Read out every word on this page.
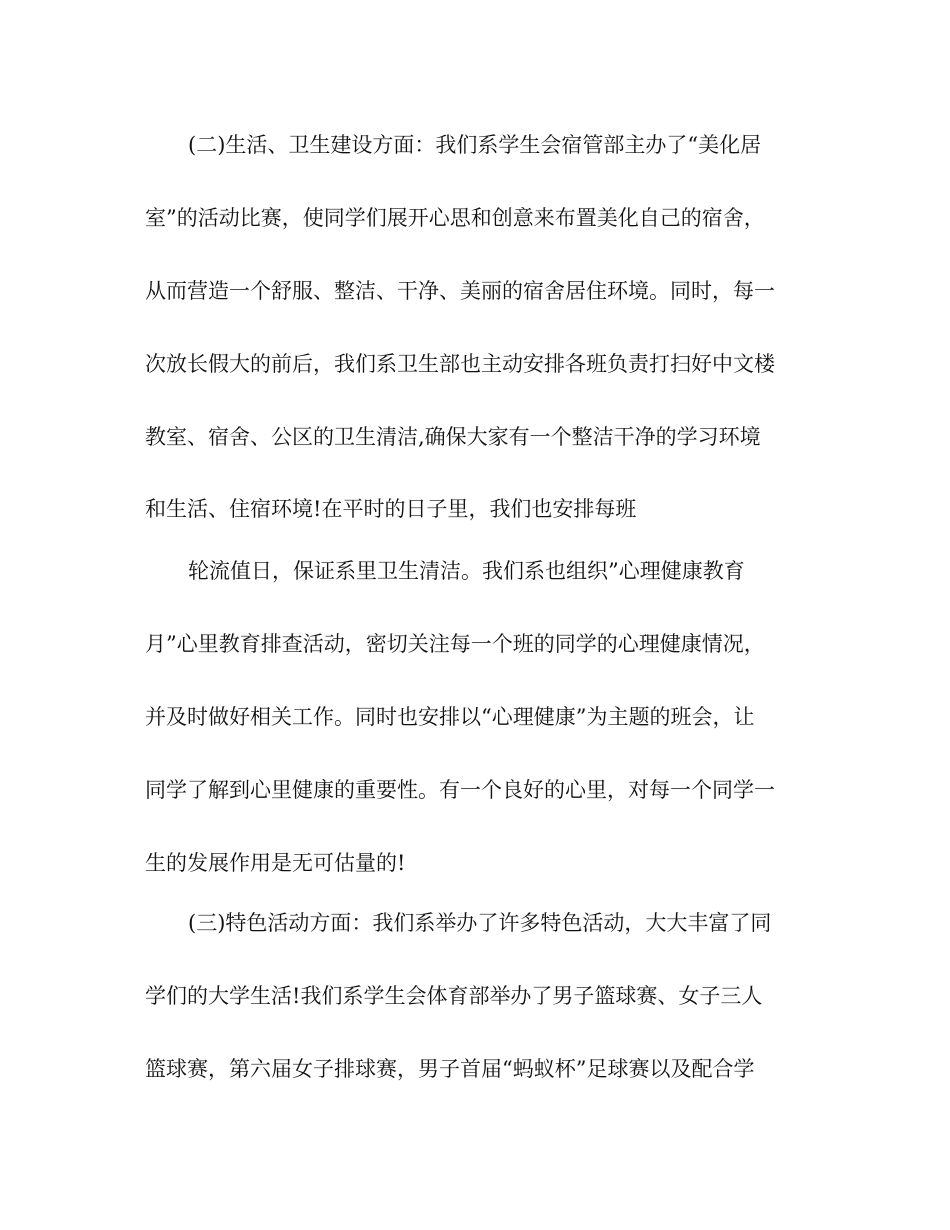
(二)生活、卫生建设方面：我们系学生会宿管部主办了“美化居
室”的活动比赛，使同学们展开心思和创意来布置美化自己的宿舍，
从而营造一个舒服、整洁、干净、美丽的宿舍居住环境。同时，每一
次放长假大的前后，我们系卫生部也主动安排各班负责打扫好中文楼
教室、宿舍、公区的卫生清洁,确保大家有一个整洁干净的学习环境
和生活、住宿环境!在平时的日子里，我们也安排每班
轮流值日，保证系里卫生清洁。我们系也组织”心理健康教育
月”心里教育排查活动，密切关注每一个班的同学的心理健康情况，
并及时做好相关工作。同时也安排以“心理健康”为主题的班会，让
同学了解到心里健康的重要性。有一个良好的心里，对每一个同学一
生的发展作用是无可估量的!
(三)特色活动方面：我们系举办了许多特色活动，大大丰富了同
学们的大学生活!我们系学生会体育部举办了男子篮球赛、女子三人
篮球赛，第六届女子排球赛，男子首届“蚂蚁杯”足球赛以及配合学
